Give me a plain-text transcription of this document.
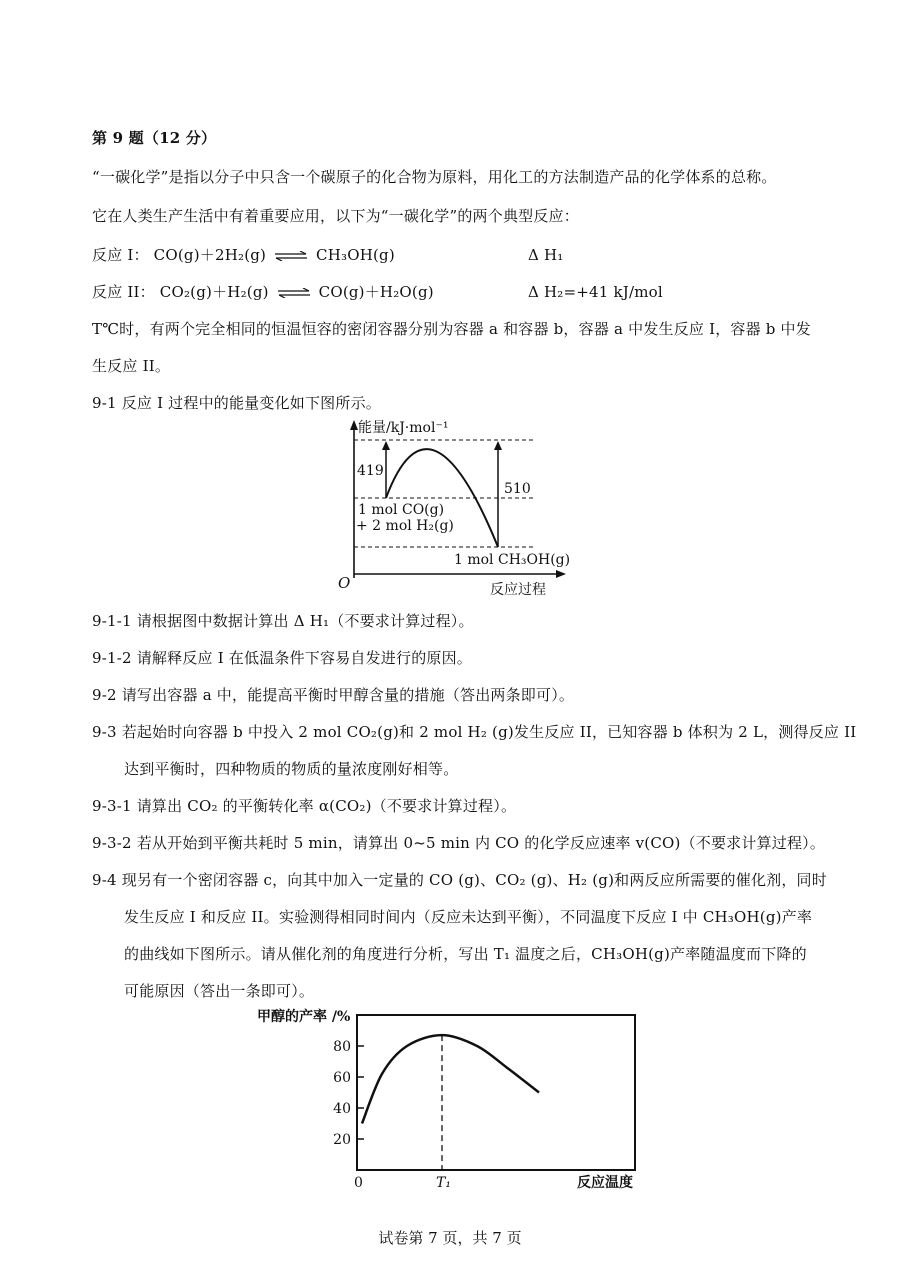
第 9 题（12 分）
“一碳化学”是指以分子中只含一个碳原子的化合物为原料，用化工的方法制造产品的化学体系的总称。
它在人类生产生活中有着重要应用，以下为“一碳化学”的两个典型反应：
反应 I： CO(g)＋2H₂(g) ⇌ CH₃OH(g)	Δ H₁
反应 II： CO₂(g)＋H₂(g) ⇌ CO(g)＋H₂O(g)	Δ H₂=+41 kJ/mol
T℃时，有两个完全相同的恒温恒容的密闭容器分别为容器 a 和容器 b，容器 a 中发生反应 I，容器 b 中发
生反应 II。
9-1 反应 I 过程中的能量变化如下图所示。
能量/kJ·mol⁻¹
419
510
1 mol CO(g)
+ 2 mol H₂(g)
1 mol CH₃OH(g)
O	反应过程
9-1-1 请根据图中数据计算出 Δ H₁（不要求计算过程）。
9-1-2 请解释反应 I 在低温条件下容易自发进行的原因。
9-2 请写出容器 a 中，能提高平衡时甲醇含量的措施（答出两条即可）。
9-3 若起始时向容器 b 中投入 2 mol CO₂(g)和 2 mol H₂ (g)发生反应 II，已知容器 b 体积为 2 L，测得反应 II
达到平衡时，四种物质的物质的量浓度刚好相等。
9-3-1 请算出 CO₂ 的平衡转化率 α(CO₂)（不要求计算过程）。
9-3-2 若从开始到平衡共耗时 5 min，请算出 0~5 min 内 CO 的化学反应速率 v(CO)（不要求计算过程）。
9-4 现另有一个密闭容器 c，向其中加入一定量的 CO (g)、CO₂ (g)、H₂ (g)和两反应所需要的催化剂，同时
发生反应 I 和反应 II。实验测得相同时间内（反应未达到平衡），不同温度下反应 I 中 CH₃OH(g)产率
的曲线如下图所示。请从催化剂的角度进行分析，写出 T₁ 温度之后，CH₃OH(g)产率随温度而下降的
可能原因（答出一条即可）。
甲醇的产率 /%
20
40
60
80
0	T₁	反应温度
试卷第 7 页，共 7 页
